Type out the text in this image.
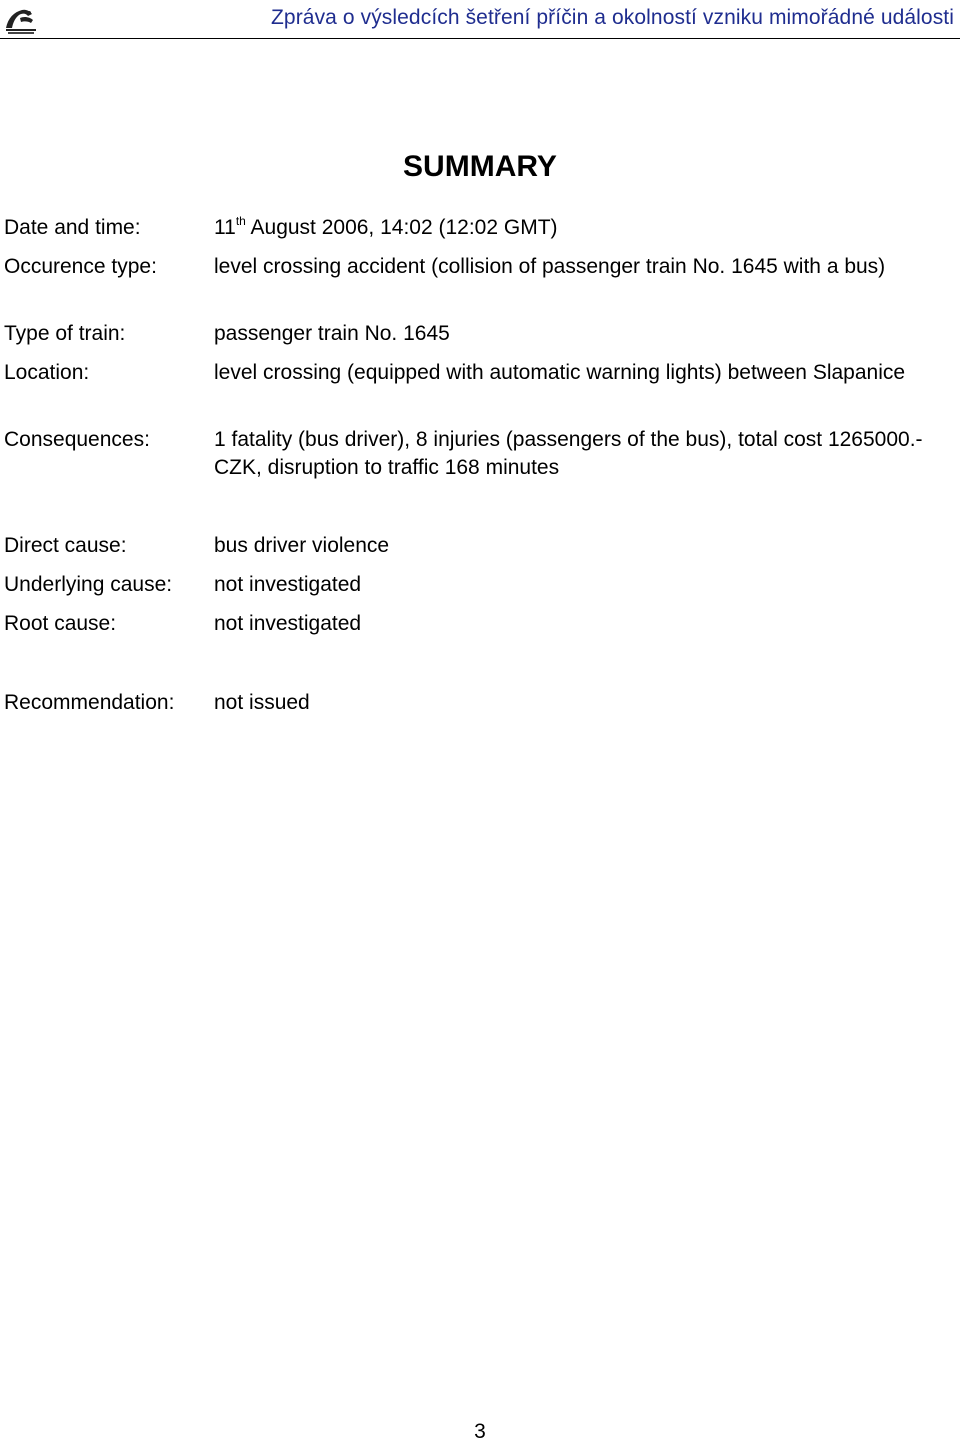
Zpráva o výsledcích šetření příčin a okolností vzniku mimořádné události
SUMMARY
Date and time:	11th August 2006, 14:02 (12:02 GMT)
Occurence type:	level crossing accident (collision of passenger train No. 1645 with a bus)
Type of train:	passenger train No. 1645
Location:	level crossing (equipped with automatic warning lights) between Slapanice
Consequences:	1 fatality (bus driver), 8 injuries (passengers of the bus), total cost 1265000.- CZK, disruption to traffic 168 minutes
Direct cause:	bus driver violence
Underlying cause: not investigated
Root cause:	not investigated
Recommendation: not issued
3
